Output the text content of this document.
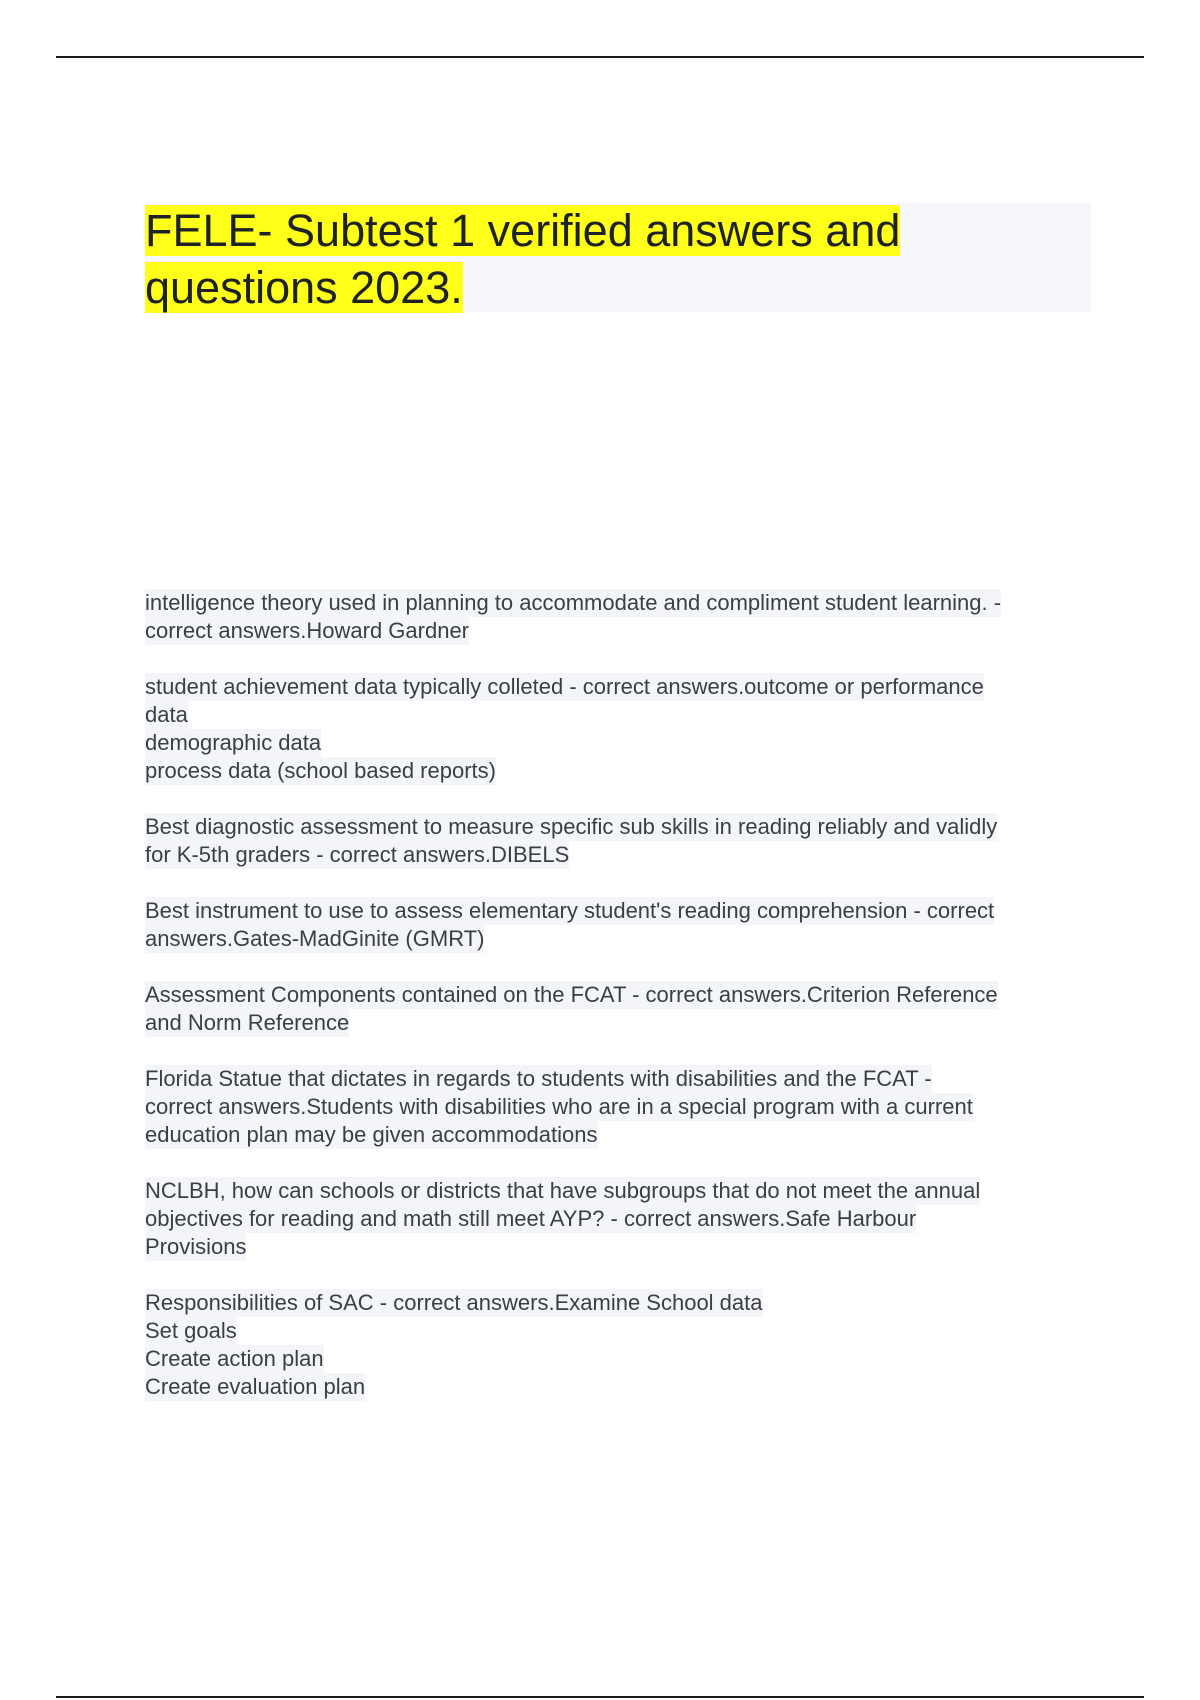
FELE- Subtest 1 verified answers and questions 2023.

intelligence theory used in planning to accommodate and compliment student learning. -
correct answers.Howard Gardner

student achievement data typically colleted - correct answers.outcome or performance
data
demographic data
process data (school based reports)

Best diagnostic assessment to measure specific sub skills in reading reliably and validly
for K-5th graders - correct answers.DIBELS

Best instrument to use to assess elementary student's reading comprehension - correct
answers.Gates-MadGinite (GMRT)

Assessment Components contained on the FCAT - correct answers.Criterion Reference
and Norm Reference

Florida Statue that dictates in regards to students with disabilities and the FCAT -
correct answers.Students with disabilities who are in a special program with a current
education plan may be given accommodations

NCLBH, how can schools or districts that have subgroups that do not meet the annual
objectives for reading and math still meet AYP? - correct answers.Safe Harbour
Provisions

Responsibilities of SAC - correct answers.Examine School data
Set goals
Create action plan
Create evaluation plan
